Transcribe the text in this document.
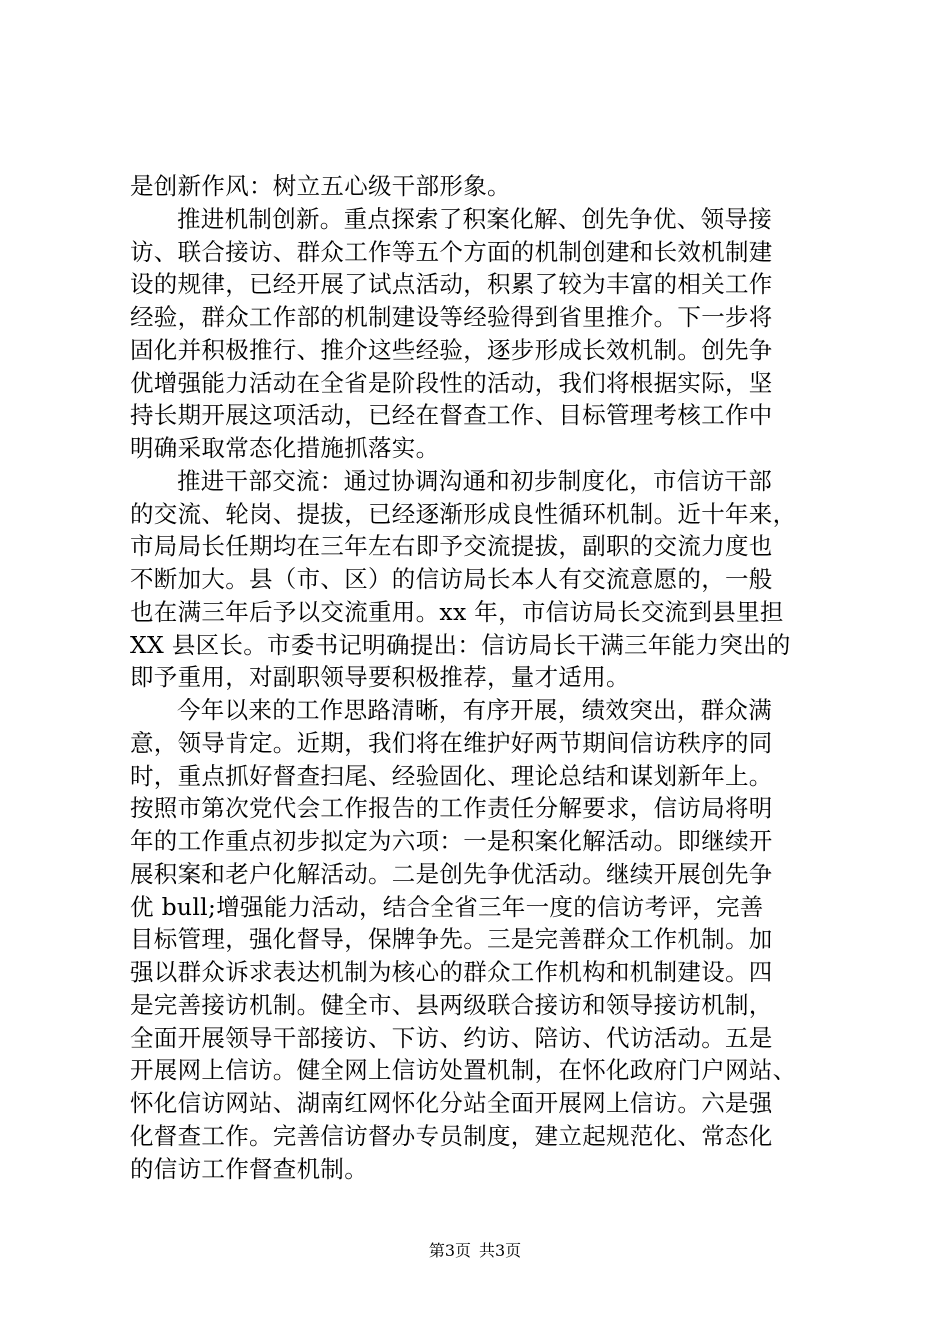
是创新作风：树立五心级干部形象。
推进机制创新。重点探索了积案化解、创先争优、领导接
访、联合接访、群众工作等五个方面的机制创建和长效机制建
设的规律，已经开展了试点活动，积累了较为丰富的相关工作
经验，群众工作部的机制建设等经验得到省里推介。下一步将
固化并积极推行、推介这些经验，逐步形成长效机制。创先争
优增强能力活动在全省是阶段性的活动，我们将根据实际，坚
持长期开展这项活动，已经在督查工作、目标管理考核工作中
明确采取常态化措施抓落实。
推进干部交流：通过协调沟通和初步制度化，市信访干部
的交流、轮岗、提拔，已经逐渐形成良性循环机制。近十年来，
市局局长任期均在三年左右即予交流提拔，副职的交流力度也
不断加大。县（市、区）的信访局长本人有交流意愿的，一般
也在满三年后予以交流重用。xx 年，市信访局长交流到县里担
XX 县区长。市委书记明确提出：信访局长干满三年能力突出的
即予重用，对副职领导要积极推荐，量才适用。
今年以来的工作思路清晰，有序开展，绩效突出，群众满
意，领导肯定。近期，我们将在维护好两节期间信访秩序的同
时，重点抓好督查扫尾、经验固化、理论总结和谋划新年上。
按照市第次党代会工作报告的工作责任分解要求，信访局将明
年的工作重点初步拟定为六项：一是积案化解活动。即继续开
展积案和老户化解活动。二是创先争优活动。继续开展创先争
优 bull;增强能力活动，结合全省三年一度的信访考评，完善
目标管理，强化督导，保牌争先。三是完善群众工作机制。加
强以群众诉求表达机制为核心的群众工作机构和机制建设。四
是完善接访机制。健全市、县两级联合接访和领导接访机制，
全面开展领导干部接访、下访、约访、陪访、代访活动。五是
开展网上信访。健全网上信访处置机制，在怀化政府门户网站、
怀化信访网站、湖南红网怀化分站全面开展网上信访。六是强
化督查工作。完善信访督办专员制度，建立起规范化、常态化
的信访工作督查机制。
第3页 共3页
